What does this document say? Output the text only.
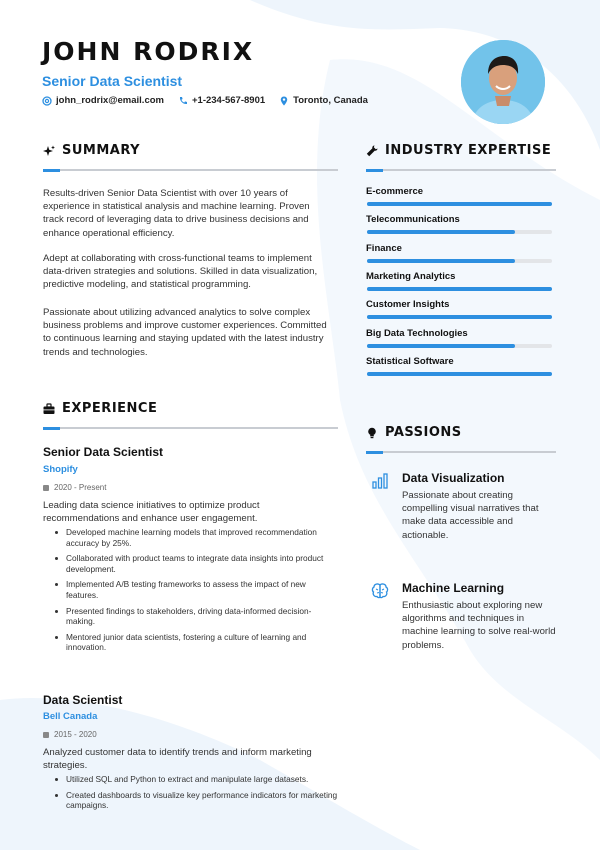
JOHN RODRIX
Senior Data Scientist
john_rodrix@email.com	+1-234-567-8901	Toronto, Canada
SUMMARY

Results-driven Senior Data Scientist with over 10 years of experience in statistical analysis and machine learning. Proven track record of leveraging data to drive business decisions and enhance operational efficiency.

Adept at collaborating with cross-functional teams to implement data-driven strategies and solutions. Skilled in data visualization, predictive modeling, and statistical programming.

Passionate about utilizing advanced analytics to solve complex business problems and improve customer experiences. Committed to continuous learning and staying updated with the latest industry trends and technologies.

INDUSTRY EXPERTISE
E-commerce
Telecommunications
Finance
Marketing Analytics
Customer Insights
Big Data Technologies
Statistical Software
EXPERIENCE
Senior Data Scientist
Shopify
2020 - Present

Leading data science initiatives to optimize product recommendations and enhance user engagement.

Developed machine learning models that improved recommendation accuracy by 25%.
Collaborated with product teams to integrate data insights into product development.
Implemented A/B testing frameworks to assess the impact of new features.
Presented findings to stakeholders, driving data-informed decision-making.
Mentored junior data scientists, fostering a culture of learning and innovation.
Data Scientist
Bell Canada
2015 - 2020

Analyzed customer data to identify trends and inform marketing strategies.

Utilized SQL and Python to extract and manipulate large datasets.
Created dashboards to visualize key performance indicators for marketing campaigns.
PASSIONS
Data Visualization

Passionate about creating compelling visual narratives that make data accessible and actionable.

Machine Learning

Enthusiastic about exploring new algorithms and techniques in machine learning to solve real-world problems.
